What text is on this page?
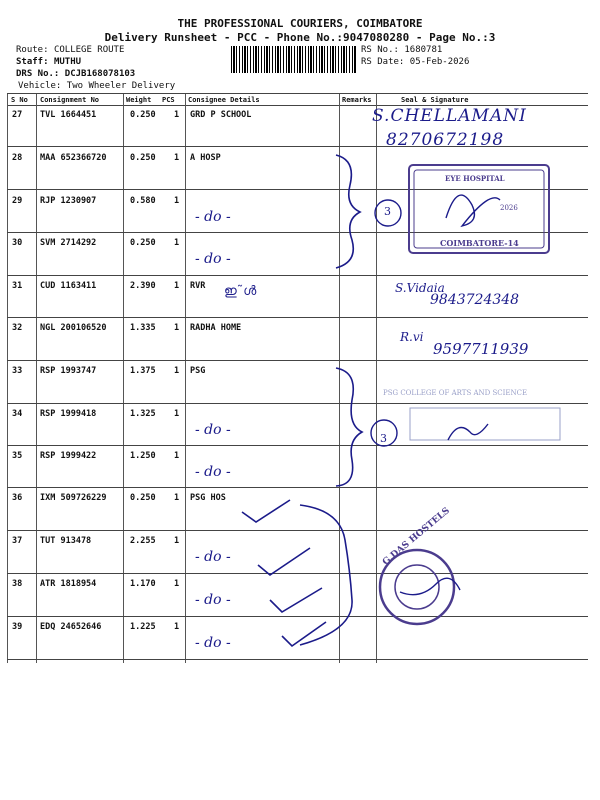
THE PROFESSIONAL COURIERS, COIMBATORE
Delivery Runsheet - PCC - Phone No.:9047080280 - Page No.:3
Route: COLLEGE ROUTE
Staff: MUTHU
DRS No.: DCJB168078103
Vehicle: Two Wheeler Delivery
RS No.: 1680781
RS Date: 05-Feb-2026
S No Consignment No	Weight PCS Consignee Details	Remarks	Seal & Signature
27 TVL 1664451	0.250 1 GRD P SCHOOL
28 MAA 652366720	0.250 1 A HOSP
29 RJP 1230907	0.580 1
- do -
30 SVM 2714292	0.250 1
- do -
31 CUD 1163411	2.390 1 RVR
32 NGL 200106520	1.335 1 RADHA HOME
33 RSP 1993747	1.375 1 PSG
34 RSP 1999418	1.325 1
- do -
35 RSP 1999422	1.250 1
- do -
36 IXM 509726229	0.250 1 PSG HOS
37 TUT 913478	2.255 1
- do -
38 ATR 1818954	1.170 1
- do -
39 EDQ 24652646	1.225 1
- do -
PSG COLLEGE OF ARTS AND SCIENCE
EYE HOSPITAL
2026
COIMBATORE-14
G.DAS HOSTELS
3
3
S.CHELLAMANI
8270672198
S.Vidaia
9843724348
R.vi
9597711939
ഇ˜ൾ
